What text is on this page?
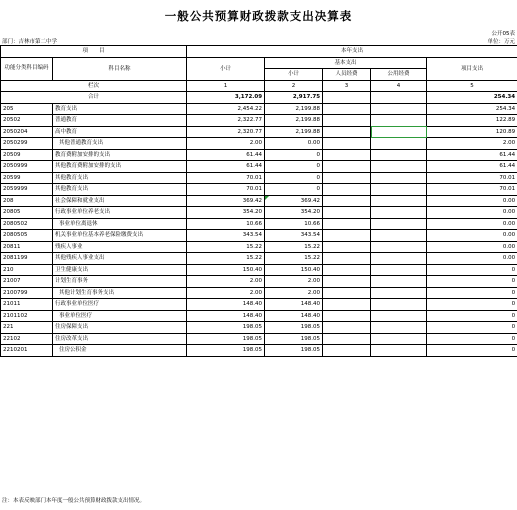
一般公共预算财政拨款支出决算表
公开05表
部门：吉林市第二中学	单位：万元
项　　目		本年支出				
功能分类科目编码	科目名称	小计	基本支出			项目支出
			小计	人员经费	公用经费	
栏次		1	2	3	4	5
合计		3,172.09	2,917.75			254.34
205	教育支出	2,454.22	2,199.88			254.34
20502	普通教育	2,322.77	2,199.88			122.89
2050204	高中教育	2,320.77	2,199.88			120.89
2050299	其他普通教育支出	2.00	0.00			2.00
20509	教育费附加安排的支出	61.44	0			61.44
2050999	其他教育费附加安排的支出	61.44	0			61.44
20599	其他教育支出	70.01	0			70.01
2059999	其他教育支出	70.01	0			70.01
208	社会保障和就业支出	369.42	369.42			0.00
20805	行政事业单位养老支出	354.20	354.20			0.00
2080502	事业单位离退休	10.66	10.66			0.00
2080505	机关事业单位基本养老保险缴费支出	343.54	343.54			0.00
20811	残疾人事业	15.22	15.22			0.00
2081199	其他残疾人事业支出	15.22	15.22			0.00
210	卫生健康支出	150.40	150.40			0
21007	计划生育事务	2.00	2.00			0
2100799	其他计划生育事务支出	2.00	2.00			0
21011	行政事业单位医疗	148.40	148.40			0
2101102	事业单位医疗	148.40	148.40			0
221	住房保障支出	198.05	198.05			0
22102	住房改革支出	198.05	198.05			0
2210201	住房公积金	198.05	198.05			0
注：本表反映部门本年度一般公共预算财政拨款支出情况。
